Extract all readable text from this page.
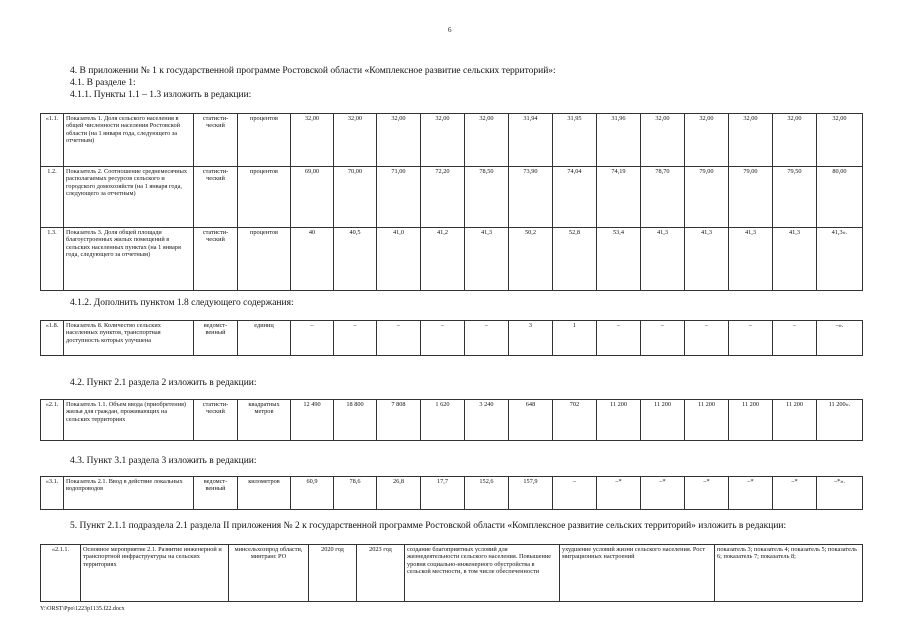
6
4. В приложении № 1 к государственной программе Ростовской области «Комплексное развитие сельских территорий»:
4.1. В разделе 1:
4.1.1. Пункты 1.1 – 1.3 изложить в редакции:
«1.1.	Показатель 1. Доля сельского населения в общей численности населения Ростовской области (на 1 января года, следующего за отчетным)	статисти-ческий	процентов	32,00	32,00	32,00	32,00	32,00	31,94	31,95	31,96	32,00	32,00	32,00	32,00	32,00
1.2.	Показатель 2. Соотношение среднемесячных располагаемых ресурсов сельского и городского домохозяйств (на 1 января года, следующего за отчетным)	статисти-ческий	процентов	69,00	70,00	71,00	72,20	78,50	73,90	74,04	74,19	78,70	79,00	79,00	79,50	80,00
1.3.	Показатель 3. Доля общей площади благоустроенных жилых помещений в сельских населенных пунктах (на 1 января года, следующего за отчетным)	статисти-ческий	процентов	40	40,5	41,0	41,2	41,3	50,2	52,8	53,4	41,3	41,3	41,3	41,3	41,3».
4.1.2. Дополнить пунктом 1.8 следующего содержания:
«1.8.	Показатель 8. Количество сельских населенных пунктов, транспортная доступность которых улучшена	ведомст-венный	единиц	–	–	–	–	–	3	1	–	–	–	–	–	–».
4.2. Пункт 2.1 раздела 2 изложить в редакции:
«2.1.	Показатель 1.1. Объем ввода (приобретения) жилья для граждан, проживающих на сельских территориях	статисти-ческий	квадратных метров	12 490	18 800	7 808	1 620	3 240	648	702	11 200	11 200	11 200	11 200	11 200	11 200».
4.3. Пункт 3.1 раздела 3 изложить в редакции:
«3.1.	Показатель 2.1. Ввод в действие локальных водопроводов	ведомст-венный	километров	60,9	78,6	26,8	17,7	152,6	157,9	–	–*	–*	–*	–*	–*	–*».
5. Пункт 2.1.1 подраздела 2.1 раздела II приложения № 2 к государственной программе Ростовской области «Комплексное развитие сельских территорий» изложить в редакции:
«2.1.1.	Основное мероприятие 2.1. Развитие инженерной и транспортной инфраструктуры на сельских территориях	минсельхозпрод области, минтранс РО	2020 год	2023 год	создание благоприятных условий для жизнедеятельности сельского населения. Повышение уровня социально-инженерного обустройства в сельской местности, в том числе обеспеченности	ухудшение условий жизни сельского населения. Рост миграционных настроений	показатель 3; показатель 4; показатель 5; показатель 6; показатель 7; показатель 8;
Y:\ORST\Ppo\1223p1135.f22.docx
